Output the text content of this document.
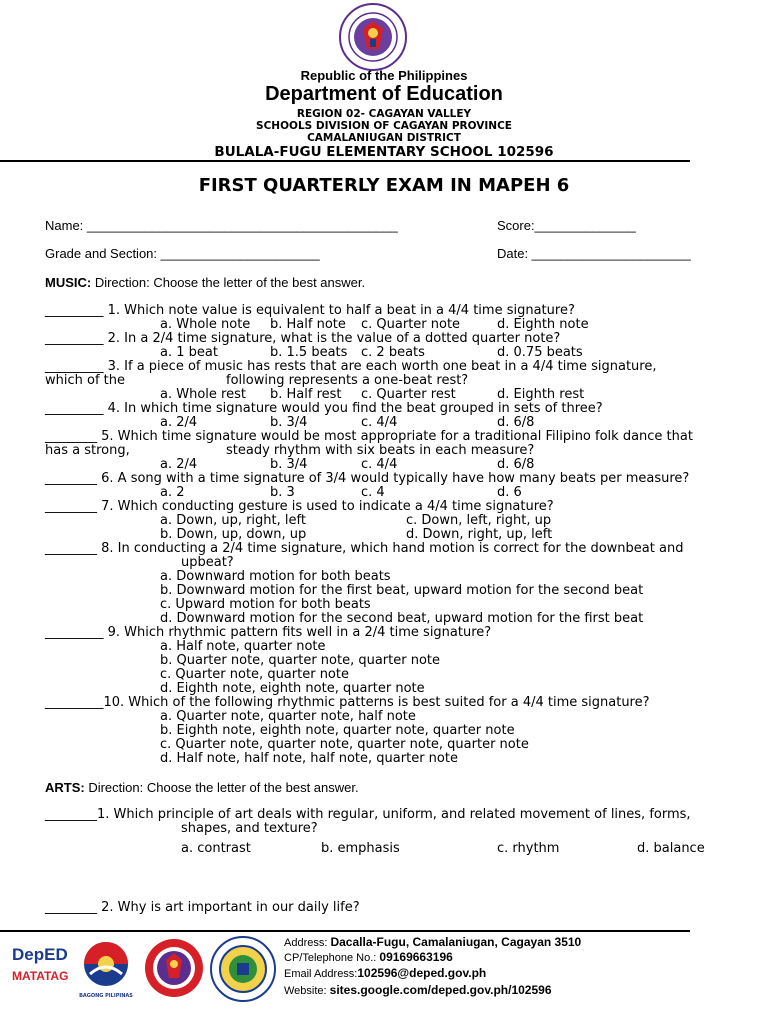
Republic of the Philippines
Department of Education
REGION 02- CAGAYAN VALLEY
SCHOOLS DIVISION OF CAGAYAN PROVINCE
CAMALANIUGAN DISTRICT
BULALA-FUGU ELEMENTARY SCHOOL 102596
FIRST QUARTERLY EXAM IN MAPEH 6
Name: ___________________________________________	Score:______________
Grade and Section: ______________________	Date: ______________________
MUSIC: Direction: Choose the letter of the best answer.
_________ 1. Which note value is equivalent to half a beat in a 4/4 time signature?
a. Whole note b. Half note c. Quarter note	d. Eighth note
_________ 2. In a 2/4 time signature, what is the value of a dotted quarter note?
a. 1 beat	b. 1.5 beats c. 2 beats	d. 0.75 beats
_________ 3. If a piece of music has rests that are each worth one beat in a 4/4 time signature,
which of the	following represents a one-beat rest?
a. Whole rest b. Half rest c. Quarter rest	d. Eighth rest
_________ 4. In which time signature would you find the beat grouped in sets of three?
a. 2/4	b. 3/4	c. 4/4	d. 6/8
________ 5. Which time signature would be most appropriate for a traditional Filipino folk dance that
has a strong,	steady rhythm with six beats in each measure?
a. 2/4	b. 3/4	c. 4/4	d. 6/8
________ 6. A song with a time signature of 3/4 would typically have how many beats per measure?
a. 2	b. 3	c. 4	d. 6
________ 7. Which conducting gesture is used to indicate a 4/4 time signature?
a. Down, up, right, left	c. Down, left, right, up
b. Down, up, down, up	d. Down, right, up, left
________ 8. In conducting a 2/4 time signature, which hand motion is correct for the downbeat and
upbeat?
a. Downward motion for both beats
b. Downward motion for the first beat, upward motion for the second beat
c. Upward motion for both beats
d. Downward motion for the second beat, upward motion for the first beat
_________ 9. Which rhythmic pattern fits well in a 2/4 time signature?
a. Half note, quarter note
b. Quarter note, quarter note, quarter note
c. Quarter note, quarter note
d. Eighth note, eighth note, quarter note
_________10. Which of the following rhythmic patterns is best suited for a 4/4 time signature?
a. Quarter note, quarter note, half note
b. Eighth note, eighth note, quarter note, quarter note
c. Quarter note, quarter note, quarter note, quarter note
d. Half note, half note, half note, quarter note
ARTS: Direction: Choose the letter of the best answer.
________1. Which principle of art deals with regular, uniform, and related movement of lines, forms,
shapes, and texture?
a. contrast	b. emphasis	c. rhythm	d. balance
________ 2. Why is art important in our daily life?
DepED
MATATAG
BAGONG PILIPINAS
Address: Dacalla-Fugu, Camalaniugan, Cagayan 3510
CP/Telephone No.: 09169663196
Email Address:102596@deped.gov.ph
Website: sites.google.com/deped.gov.ph/102596
